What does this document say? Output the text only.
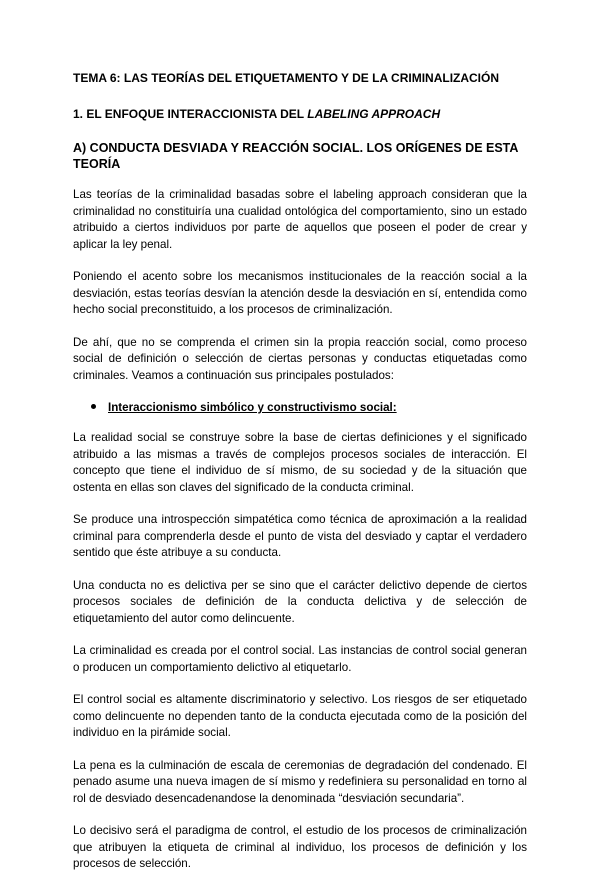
TEMA 6: LAS TEORÍAS DEL ETIQUETAMENTO Y DE LA CRIMINALIZACIÓN
1. EL ENFOQUE INTERACCIONISTA DEL LABELING APPROACH
A) CONDUCTA DESVIADA Y REACCIÓN SOCIAL. LOS ORÍGENES DE ESTA TEORÍA

Las teorías de la criminalidad basadas sobre el labeling approach consideran que la criminalidad no constituiría una cualidad ontológica del comportamiento, sino un estado atribuido a ciertos individuos por parte de aquellos que poseen el poder de crear y aplicar la ley penal.

Poniendo el acento sobre los mecanismos institucionales de la reacción social a la desviación, estas teorías desvían la atención desde la desviación en sí, entendida como hecho social preconstituido, a los procesos de criminalización.

De ahí, que no se comprenda el crimen sin la propia reacción social, como proceso social de definición o selección de ciertas personas y conductas etiquetadas como criminales. Veamos a continuación sus principales postulados:

Interaccionismo simbólico y constructivismo social:

La realidad social se construye sobre la base de ciertas definiciones y el significado atribuido a las mismas a través de complejos procesos sociales de interacción. El concepto que tiene el individuo de sí mismo, de su sociedad y de la situación que ostenta en ellas son claves del significado de la conducta criminal.

Se produce una introspección simpatética como técnica de aproximación a la realidad criminal para comprenderla desde el punto de vista del desviado y captar el verdadero sentido que éste atribuye a su conducta.

Una conducta no es delictiva per se sino que el carácter delictivo depende de ciertos procesos sociales de definición de la conducta delictiva y de selección de etiquetamiento del autor como delincuente.

La criminalidad es creada por el control social. Las instancias de control social generan o producen un comportamiento delictivo al etiquetarlo.

El control social es altamente discriminatorio y selectivo. Los riesgos de ser etiquetado como delincuente no dependen tanto de la conducta ejecutada como de la posición del individuo en la pirámide social.

La pena es la culminación de escala de ceremonias de degradación del condenado. El penado asume una nueva imagen de sí mismo y redefiniera su personalidad en torno al rol de desviado desencadenandose la denominada “desviación secundaria”.

Lo decisivo será el paradigma de control, el estudio de los procesos de criminalización que atribuyen la etiqueta de criminal al individuo, los procesos de definición y los procesos de selección.
